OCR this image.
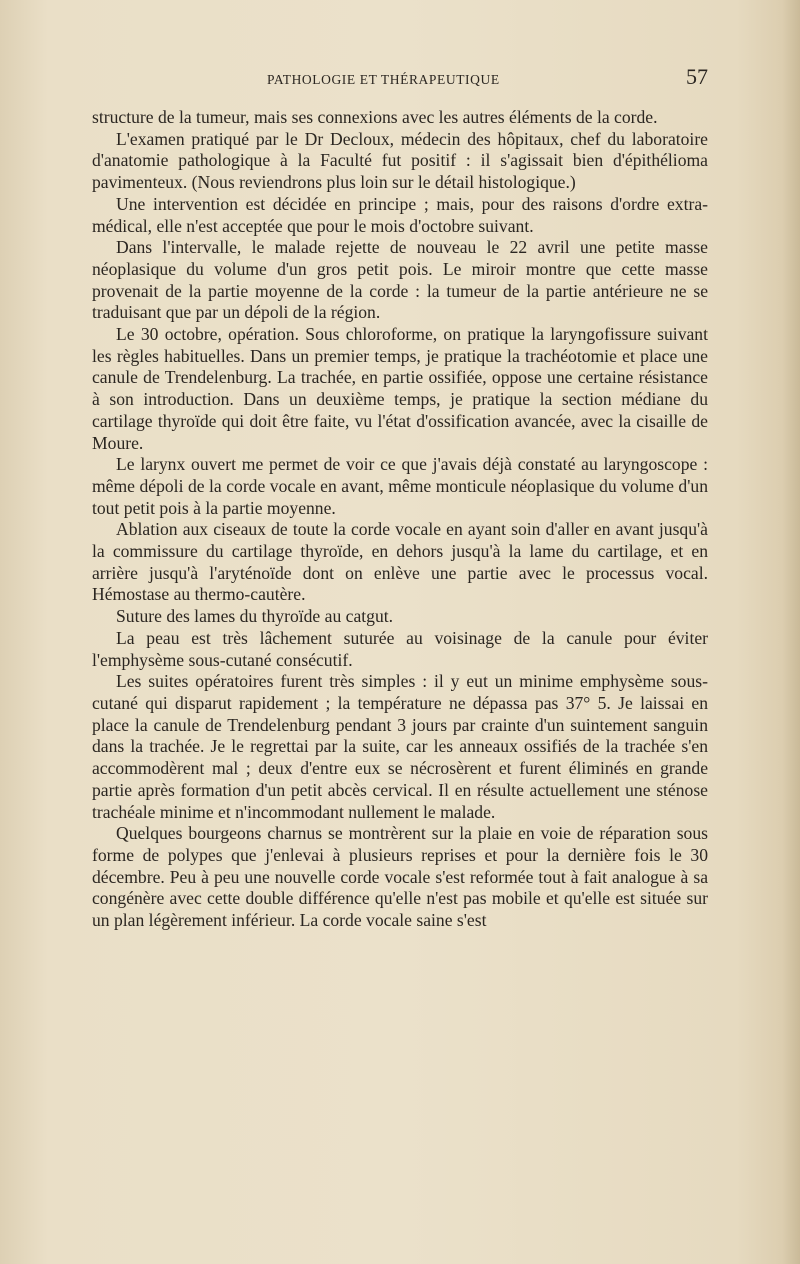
PATHOLOGIE ET THÉRAPEUTIQUE	57

structure de la tumeur, mais ses connexions avec les autres éléments de la corde.

L'examen pratiqué par le Dr Decloux, médecin des hôpitaux, chef du laboratoire d'anatomie pathologique à la Faculté fut positif : il s'agissait bien d'épithélioma pavimenteux. (Nous reviendrons plus loin sur le détail histologique.)

Une intervention est décidée en principe ; mais, pour des raisons d'ordre extra-médical, elle n'est acceptée que pour le mois d'octobre suivant.

Dans l'intervalle, le malade rejette de nouveau le 22 avril une petite masse néoplasique du volume d'un gros petit pois. Le miroir montre que cette masse provenait de la partie moyenne de la corde : la tumeur de la partie antérieure ne se traduisant que par un dépoli de la région.

Le 30 octobre, opération. Sous chloroforme, on pratique la laryngofissure suivant les règles habituelles. Dans un premier temps, je pratique la trachéotomie et place une canule de Trendelenburg. La trachée, en partie ossifiée, oppose une certaine résistance à son introduction. Dans un deuxième temps, je pratique la section médiane du cartilage thyroïde qui doit être faite, vu l'état d'ossification avancée, avec la cisaille de Moure.

Le larynx ouvert me permet de voir ce que j'avais déjà constaté au laryngoscope : même dépoli de la corde vocale en avant, même monticule néoplasique du volume d'un tout petit pois à la partie moyenne.

Ablation aux ciseaux de toute la corde vocale en ayant soin d'aller en avant jusqu'à la commissure du cartilage thyroïde, en dehors jusqu'à la lame du cartilage, et en arrière jusqu'à l'aryténoïde dont on enlève une partie avec le processus vocal. Hémostase au thermo-cautère.

Suture des lames du thyroïde au catgut.

La peau est très lâchement suturée au voisinage de la canule pour éviter l'emphysème sous-cutané consécutif.

Les suites opératoires furent très simples : il y eut un minime emphysème sous-cutané qui disparut rapidement ; la température ne dépassa pas 37° 5. Je laissai en place la canule de Trendelenburg pendant 3 jours par crainte d'un suintement sanguin dans la trachée. Je le regrettai par la suite, car les anneaux ossifiés de la trachée s'en accommodèrent mal ; deux d'entre eux se nécrosèrent et furent éliminés en grande partie après formation d'un petit abcès cervical. Il en résulte actuellement une sténose trachéale minime et n'incommodant nullement le malade.

Quelques bourgeons charnus se montrèrent sur la plaie en voie de réparation sous forme de polypes que j'enlevai à plusieurs reprises et pour la dernière fois le 30 décembre. Peu à peu une nouvelle corde vocale s'est reformée tout à fait analogue à sa congénère avec cette double différence qu'elle n'est pas mobile et qu'elle est située sur un plan légèrement inférieur. La corde vocale saine s'est
